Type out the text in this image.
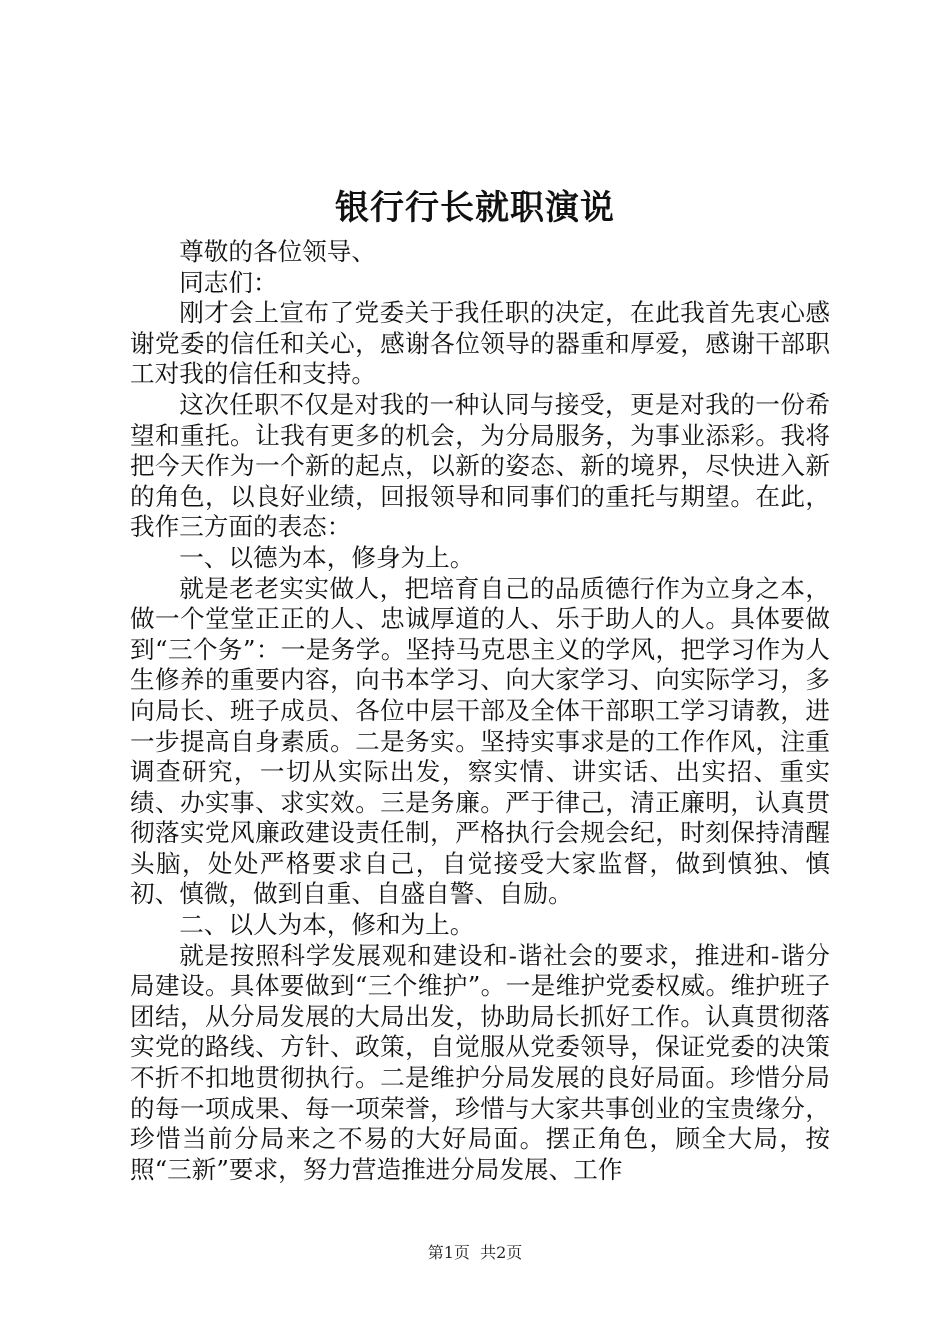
银行行长就职演说

尊敬的各位领导、

同志们：

刚才会上宣布了党委关于我任职的决定，在此我首先衷心感谢党委的信任和关心，感谢各位领导的器重和厚爱，感谢干部职工对我的信任和支持。

这次任职不仅是对我的一种认同与接受，更是对我的一份希望和重托。让我有更多的机会，为分局服务，为事业添彩。我将把今天作为一个新的起点，以新的姿态、新的境界，尽快进入新的角色，以良好业绩，回报领导和同事们的重托与期望。在此，我作三方面的表态：

一、以德为本，修身为上。

就是老老实实做人，把培育自己的品质德行作为立身之本，做一个堂堂正正的人、忠诚厚道的人、乐于助人的人。具体要做到“三个务”：一是务学。坚持马克思主义的学风，把学习作为人生修养的重要内容，向书本学习、向大家学习、向实际学习，多向局长、班子成员、各位中层干部及全体干部职工学习请教，进一步提高自身素质。二是务实。坚持实事求是的工作作风，注重调查研究，一切从实际出发，察实情、讲实话、出实招、重实绩、办实事、求实效。三是务廉。严于律己，清正廉明，认真贯彻落实党风廉政建设责任制，严格执行会规会纪，时刻保持清醒头脑，处处严格要求自己，自觉接受大家监督，做到慎独、慎初、慎微，做到自重、自盛自警、自励。

二、以人为本，修和为上。

就是按照科学发展观和建设和-谐社会的要求，推进和-谐分局建设。具体要做到“三个维护”。一是维护党委权威。维护班子团结，从分局发展的大局出发，协助局长抓好工作。认真贯彻落实党的路线、方针、政策，自觉服从党委领导，保证党委的决策不折不扣地贯彻执行。二是维护分局发展的良好局面。珍惜分局的每一项成果、每一项荣誉，珍惜与大家共事创业的宝贵缘分，珍惜当前分局来之不易的大好局面。摆正角色，顾全大局，按照“三新”要求，努力营造推进分局发展、工作

第1页  共2页
